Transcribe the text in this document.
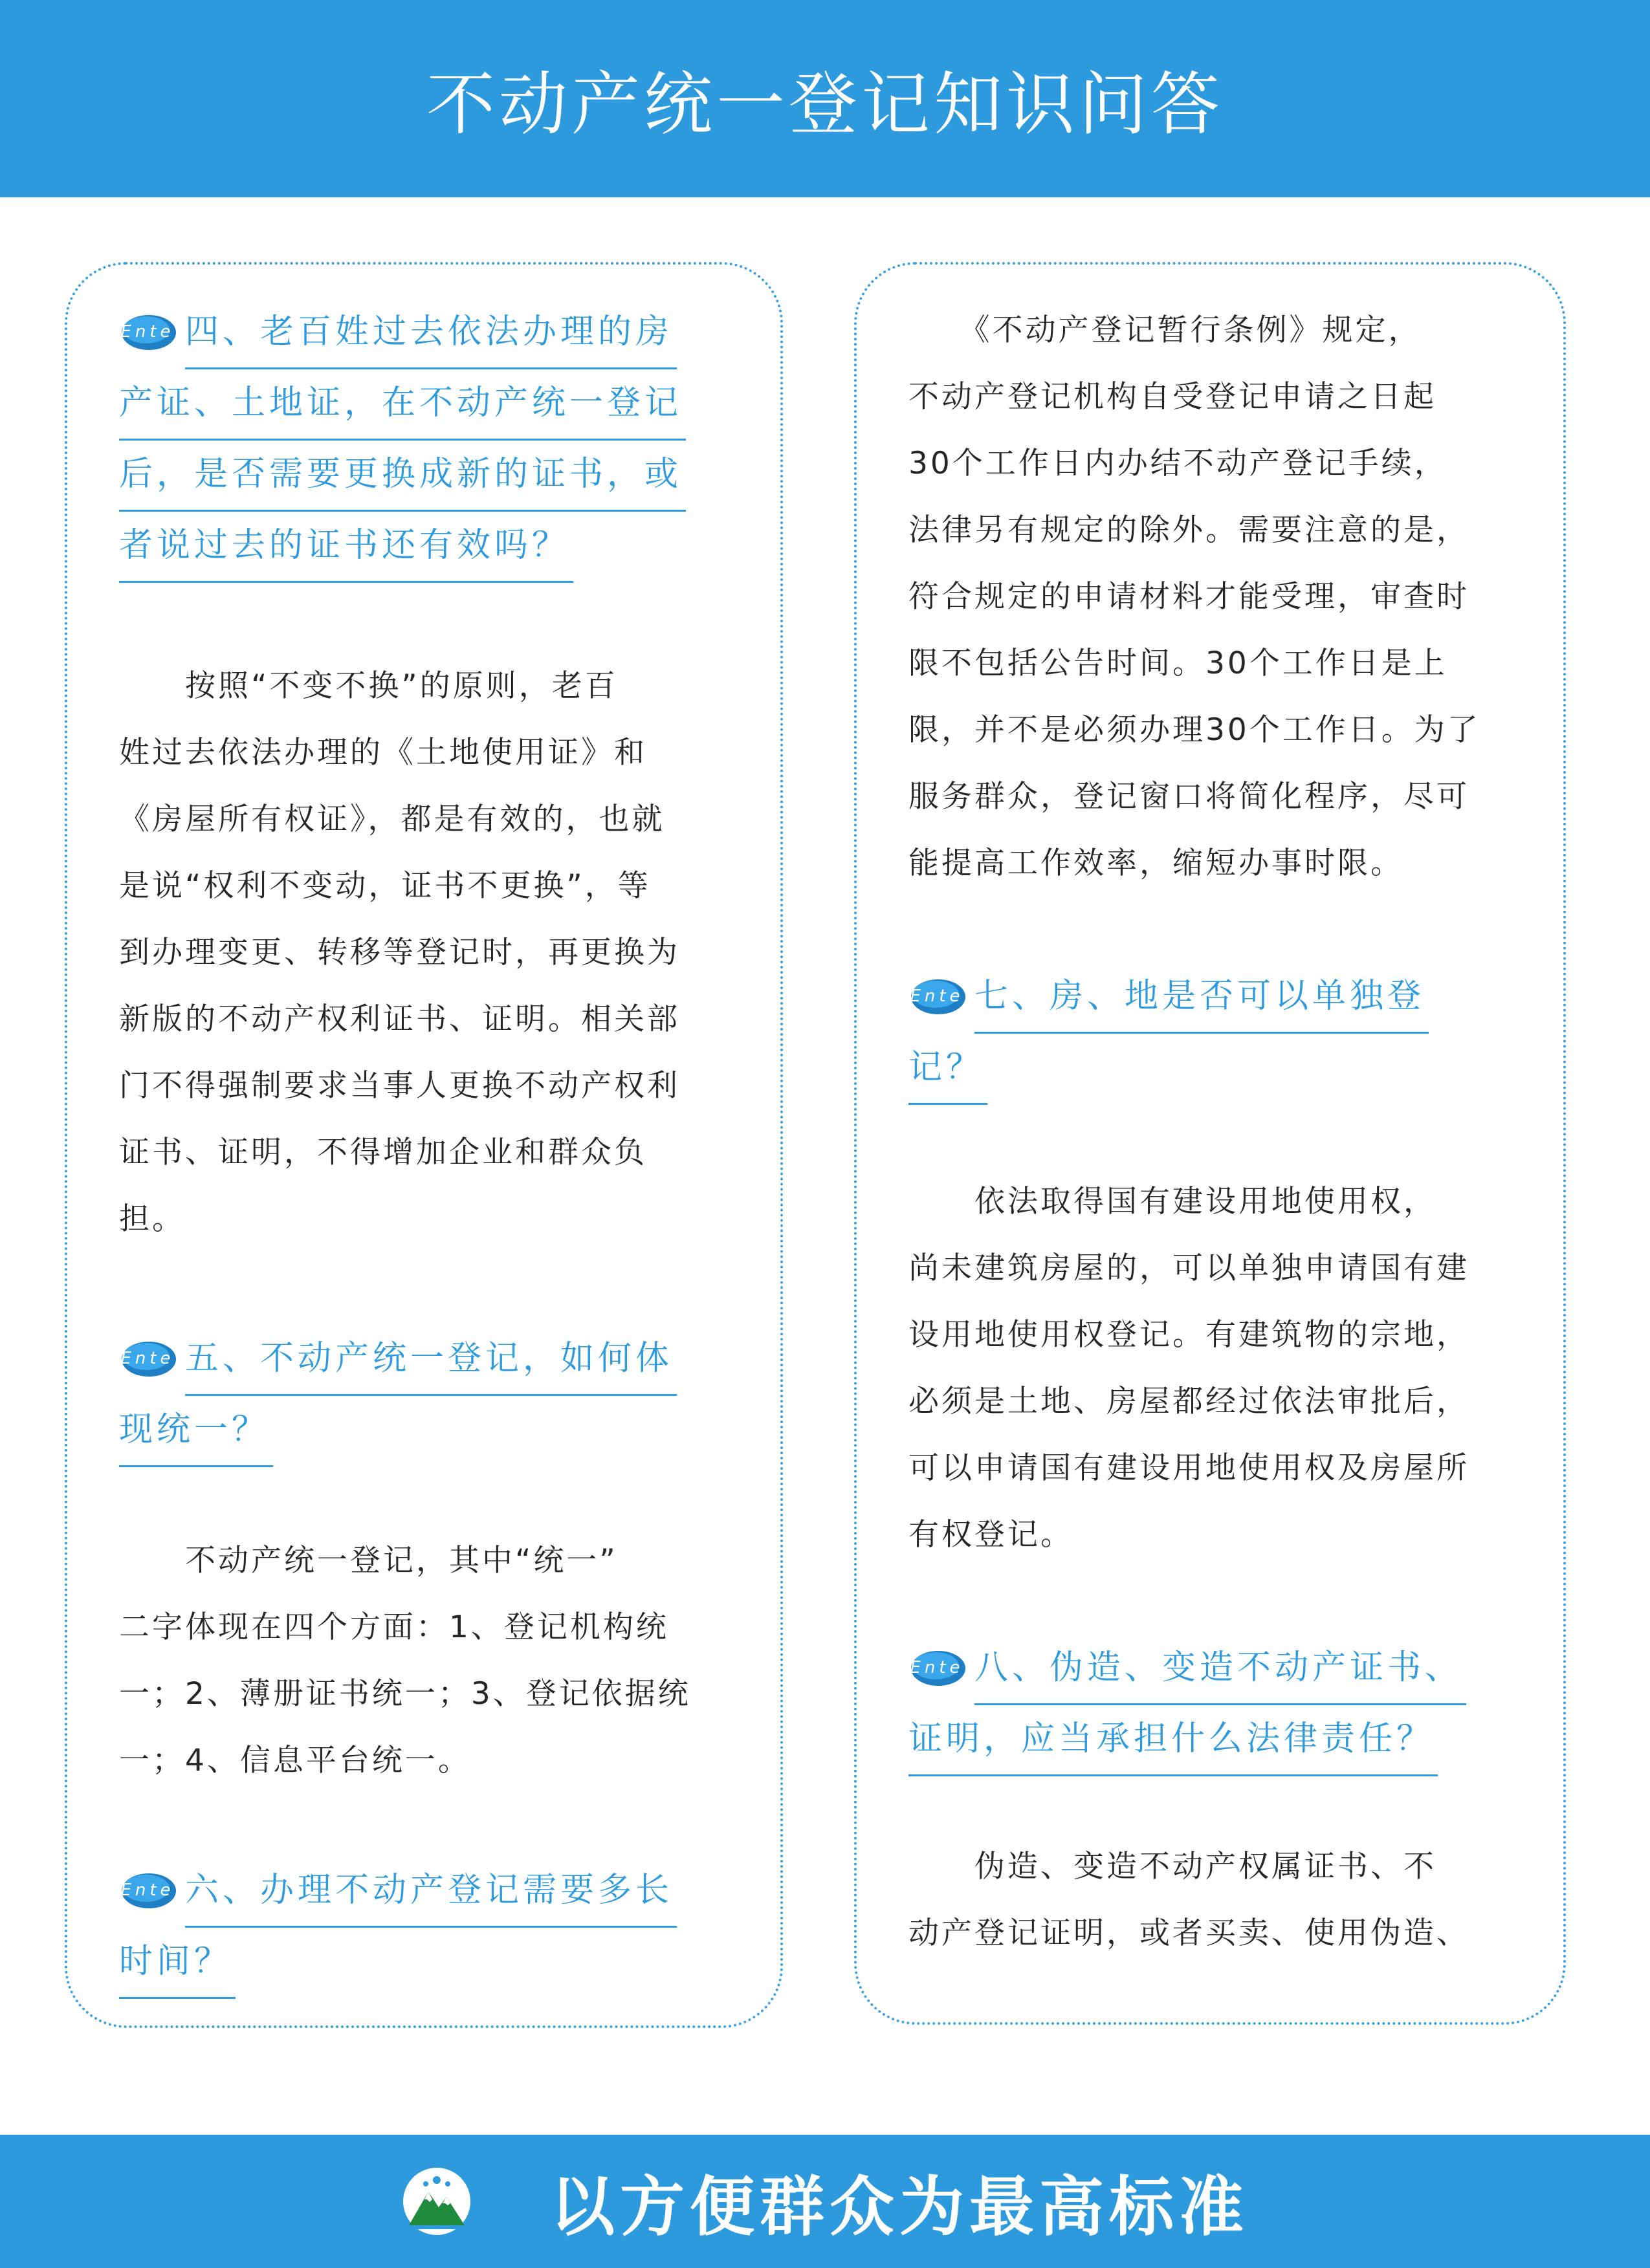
不动产统一登记知识问答
Ente 四、老百姓过去依法办理的房
产证、土地证，在不动产统一登记
后，是否需要更换成新的证书，或
者说过去的证书还有效吗？
　　按照“不变不换”的原则，老百
姓过去依法办理的《土地使用证》和
《房屋所有权证》，都是有效的，也就
是说“权利不变动，证书不更换”，等
到办理变更、转移等登记时，再更换为
新版的不动产权利证书、证明。相关部
门不得强制要求当事人更换不动产权利
证书、证明，不得增加企业和群众负
担。
Ente 五、不动产统一登记，如何体
现统一？
　　不动产统一登记，其中“统一”
二字体现在四个方面：1、登记机构统
一；2、薄册证书统一；3、登记依据统
一；4、信息平台统一。
Ente 六、办理不动产登记需要多长
时间？
　　《不动产登记暂行条例》规定，
不动产登记机构自受登记申请之日起
30个工作日内办结不动产登记手续，
法律另有规定的除外。需要注意的是，
符合规定的申请材料才能受理，审查时
限不包括公告时间。30个工作日是上
限，并不是必须办理30个工作日。为了
服务群众，登记窗口将简化程序，尽可
能提高工作效率，缩短办事时限。
Ente 七、房、地是否可以单独登
记？
　　依法取得国有建设用地使用权，
尚未建筑房屋的，可以单独申请国有建
设用地使用权登记。有建筑物的宗地，
必须是土地、房屋都经过依法审批后，
可以申请国有建设用地使用权及房屋所
有权登记。
Ente 八、伪造、变造不动产证书、
证明，应当承担什么法律责任？
　　伪造、变造不动产权属证书、不
动产登记证明，或者买卖、使用伪造、
以方便群众为最高标准
